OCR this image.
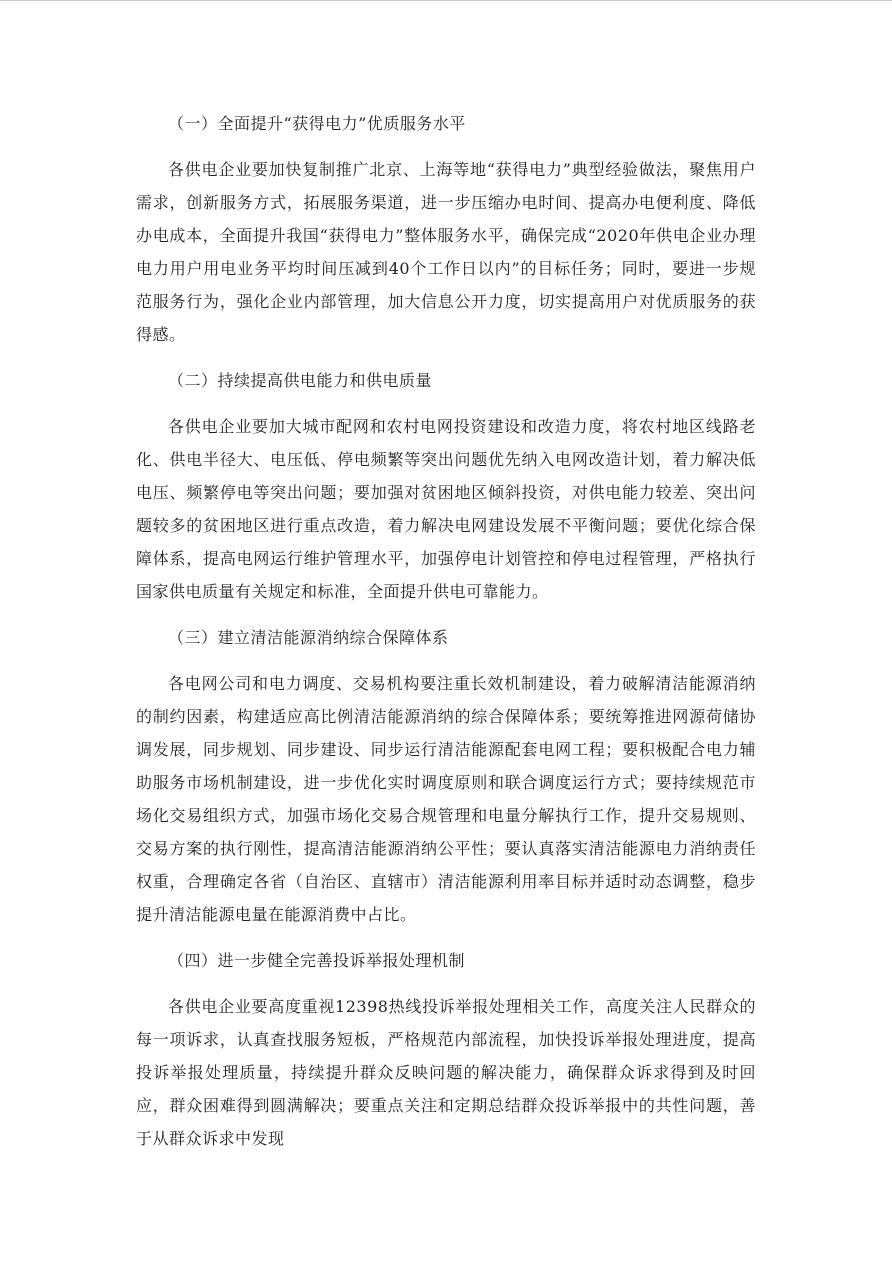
（一）全面提升“获得电力”优质服务水平

各供电企业要加快复制推广北京、上海等地“获得电力”典型经验做法，聚焦用户需求，创新服务方式，拓展服务渠道，进一步压缩办电时间、提高办电便利度、降低办电成本，全面提升我国“获得电力”整体服务水平，确保完成“2020年供电企业办理电力用户用电业务平均时间压减到40个工作日以内”的目标任务；同时，要进一步规范服务行为，强化企业内部管理，加大信息公开力度，切实提高用户对优质服务的获得感。

（二）持续提高供电能力和供电质量

各供电企业要加大城市配网和农村电网投资建设和改造力度，将农村地区线路老化、供电半径大、电压低、停电频繁等突出问题优先纳入电网改造计划，着力解决低电压、频繁停电等突出问题；要加强对贫困地区倾斜投资，对供电能力较差、突出问题较多的贫困地区进行重点改造，着力解决电网建设发展不平衡问题；要优化综合保障体系，提高电网运行维护管理水平，加强停电计划管控和停电过程管理，严格执行国家供电质量有关规定和标准，全面提升供电可靠能力。

（三）建立清洁能源消纳综合保障体系

各电网公司和电力调度、交易机构要注重长效机制建设，着力破解清洁能源消纳的制约因素，构建适应高比例清洁能源消纳的综合保障体系；要统筹推进网源荷储协调发展，同步规划、同步建设、同步运行清洁能源配套电网工程；要积极配合电力辅助服务市场机制建设，进一步优化实时调度原则和联合调度运行方式；要持续规范市场化交易组织方式，加强市场化交易合规管理和电量分解执行工作，提升交易规则、交易方案的执行刚性，提高清洁能源消纳公平性；要认真落实清洁能源电力消纳责任权重，合理确定各省（自治区、直辖市）清洁能源利用率目标并适时动态调整，稳步提升清洁能源电量在能源消费中占比。

（四）进一步健全完善投诉举报处理机制

各供电企业要高度重视12398热线投诉举报处理相关工作，高度关注人民群众的每一项诉求，认真查找服务短板，严格规范内部流程，加快投诉举报处理进度，提高投诉举报处理质量，持续提升群众反映问题的解决能力，确保群众诉求得到及时回应，群众困难得到圆满解决；要重点关注和定期总结群众投诉举报中的共性问题，善于从群众诉求中发现
